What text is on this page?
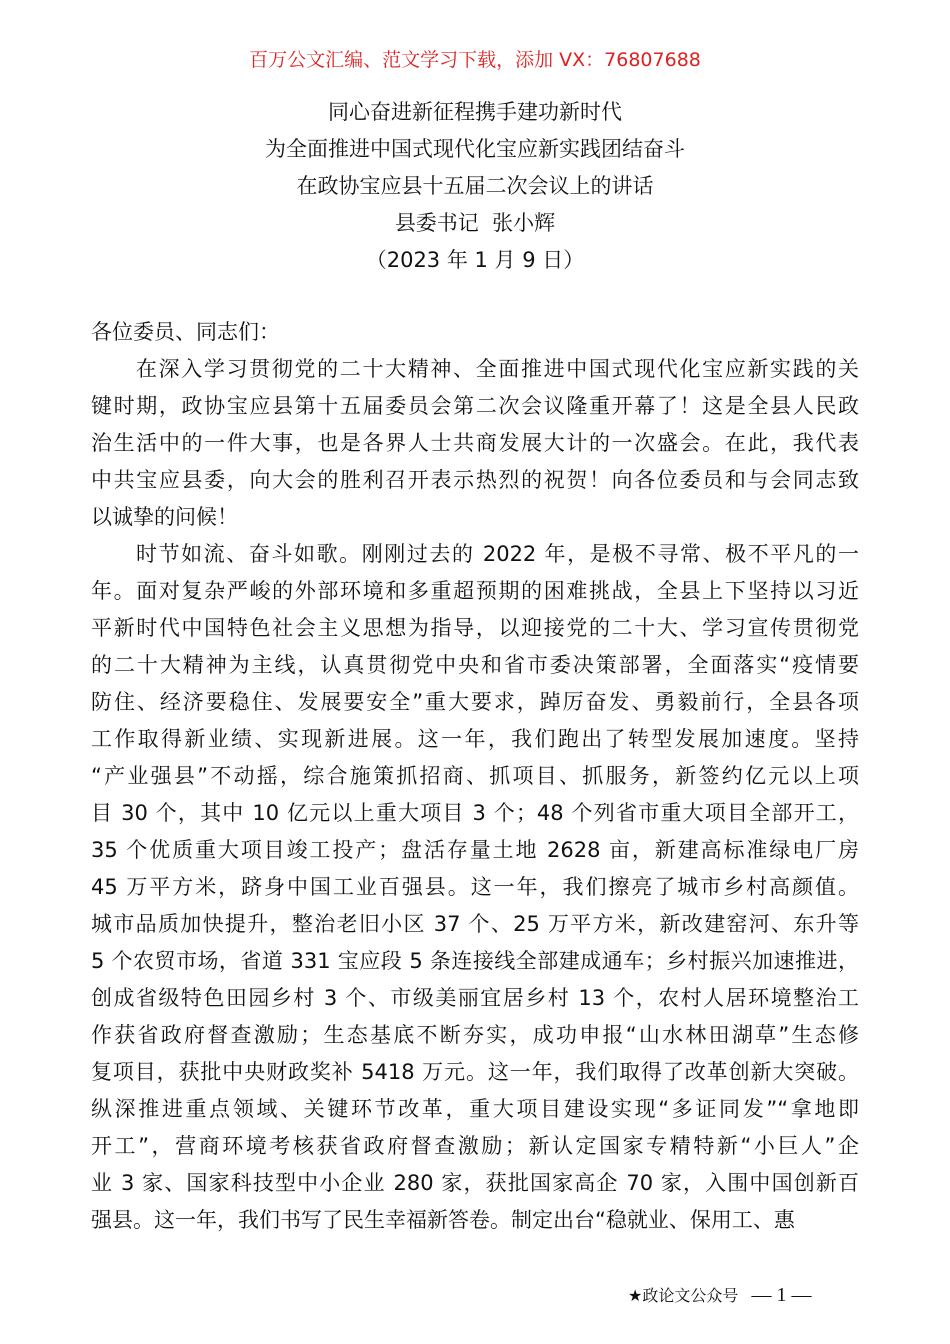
百万公文汇编、范文学习下载，添加 VX：76807688
同心奋进新征程携手建功新时代
为全面推进中国式现代化宝应新实践团结奋斗
在政协宝应县十五届二次会议上的讲话
县委书记  张小辉
（2023 年 1 月 9 日）
各位委员、同志们：
在深入学习贯彻党的二十大精神、全面推进中国式现代化宝应新实践的关
键时期，政协宝应县第十五届委员会第二次会议隆重开幕了！这是全县人民政
治生活中的一件大事，也是各界人士共商发展大计的一次盛会。在此，我代表
中共宝应县委，向大会的胜利召开表示热烈的祝贺！向各位委员和与会同志致
以诚挚的问候！
时节如流、奋斗如歌。刚刚过去的 2022 年，是极不寻常、极不平凡的一
年。面对复杂严峻的外部环境和多重超预期的困难挑战，全县上下坚持以习近
平新时代中国特色社会主义思想为指导，以迎接党的二十大、学习宣传贯彻党
的二十大精神为主线，认真贯彻党中央和省市委决策部署，全面落实“疫情要
防住、经济要稳住、发展要安全”重大要求，踔厉奋发、勇毅前行，全县各项
工作取得新业绩、实现新进展。这一年，我们跑出了转型发展加速度。坚持
“产业强县”不动摇，综合施策抓招商、抓项目、抓服务，新签约亿元以上项
目 30 个，其中 10 亿元以上重大项目 3 个；48 个列省市重大项目全部开工，
35 个优质重大项目竣工投产；盘活存量土地 2628 亩，新建高标准绿电厂房
45 万平方米，跻身中国工业百强县。这一年，我们擦亮了城市乡村高颜值。
城市品质加快提升，整治老旧小区 37 个、25 万平方米，新改建窑河、东升等
5 个农贸市场，省道 331 宝应段 5 条连接线全部建成通车；乡村振兴加速推进，
创成省级特色田园乡村 3 个、市级美丽宜居乡村 13 个，农村人居环境整治工
作获省政府督查激励；生态基底不断夯实，成功申报“山水林田湖草”生态修
复项目，获批中央财政奖补 5418 万元。这一年，我们取得了改革创新大突破。
纵深推进重点领域、关键环节改革，重大项目建设实现“多证同发”“拿地即
开工”，营商环境考核获省政府督查激励；新认定国家专精特新“小巨人”企
业 3 家、国家科技型中小企业 280 家，获批国家高企 70 家，入围中国创新百
强县。这一年，我们书写了民生幸福新答卷。制定出台“稳就业、保用工、惠
★政论文公众号 — 1 —
